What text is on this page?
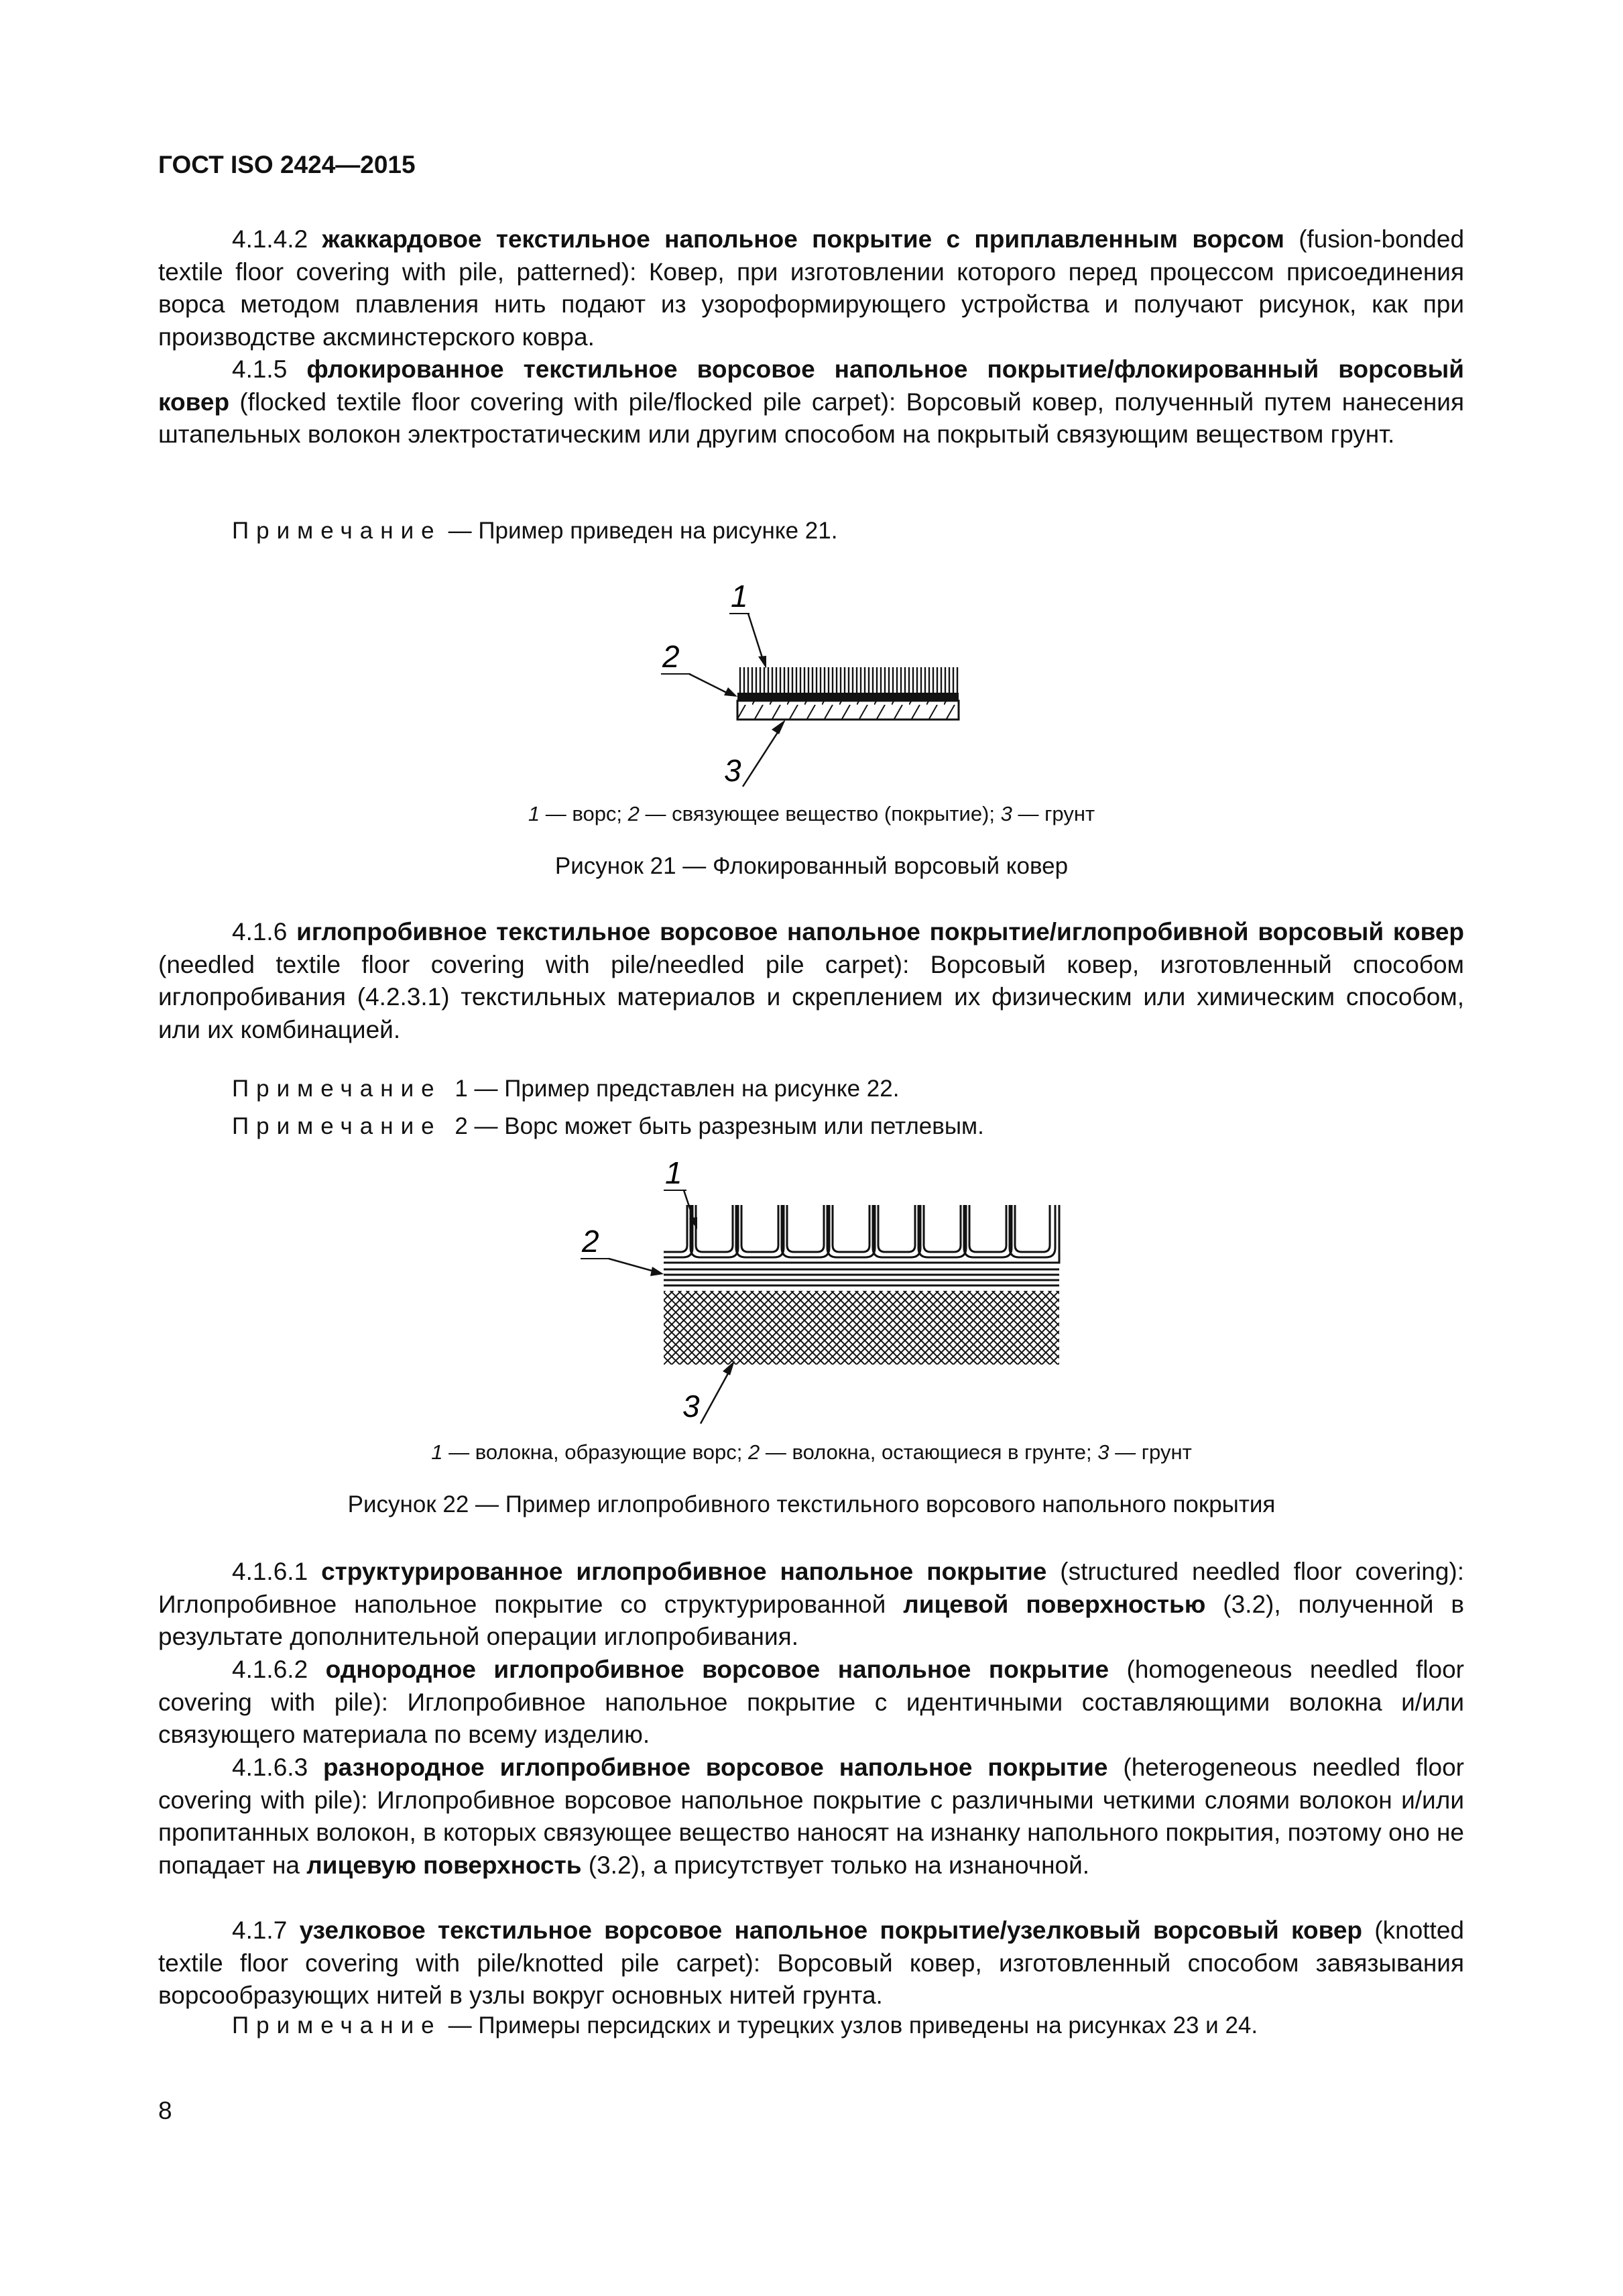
ГОСТ ISO 2424—2015

4.1.4.2 жаккардовое текстильное напольное покрытие с приплавленным ворсом (fusion-bonded textile floor covering with pile, patterned): Ковер, при изготовлении которого перед процессом присоединения ворса методом плавления нить подают из узороформирующего устройства и получают рисунок, как при производстве аксминстерского ковра.

4.1.5 флокированное текстильное ворсовое напольное покрытие/флокированный ворсовый ковер (flocked textile floor covering with pile/flocked pile carpet): Ворсовый ковер, полученный путем нанесения штапельных волокон электростатическим или другим способом на покрытый связующим веществом грунт.

Примечание — Пример приведен на рисунке 21.
1
2
3
1 — ворс; 2 — связующее вещество (покрытие); 3 — грунт
Рисунок 21 — Флокированный ворсовый ковер

4.1.6 иглопробивное текстильное ворсовое напольное покрытие/иглопробивной ворсовый ковер (needled textile floor covering with pile/needled pile carpet): Ворсовый ковер, изготовленный способом иглопробивания (4.2.3.1) текстильных материалов и скреплением их физическим или химическим способом, или их комбинацией.

Примечание 1 — Пример представлен на рисунке 22.
Примечание 2 — Ворс может быть разрезным или петлевым.
1
2
3
1 — волокна, образующие ворс; 2 — волокна, остающиеся в грунте; 3 — грунт
Рисунок 22 — Пример иглопробивного текстильного ворсового напольного покрытия

4.1.6.1 структурированное иглопробивное напольное покрытие (structured needled floor covering): Иглопробивное напольное покрытие со структурированной лицевой поверхностью (3.2), полученной в результате дополнительной операции иглопробивания.

4.1.6.2 однородное иглопробивное ворсовое напольное покрытие (homogeneous needled floor covering with pile): Иглопробивное напольное покрытие с идентичными составляющими волокна и/или связующего материала по всему изделию.

4.1.6.3 разнородное иглопробивное ворсовое напольное покрытие (heterogeneous needled floor covering with pile): Иглопробивное ворсовое напольное покрытие с различными четкими слоями волокон и/или пропитанных волокон, в которых связующее вещество наносят на изнанку напольного покрытия, поэтому оно не попадает на лицевую поверхность (3.2), а присутствует только на изнаночной.

4.1.7 узелковое текстильное ворсовое напольное покрытие/узелковый ворсовый ковер (knotted textile floor covering with pile/knotted pile carpet): Ворсовый ковер, изготовленный способом завязывания ворсообразующих нитей в узлы вокруг основных нитей грунта.

Примечание — Примеры персидских и турецких узлов приведены на рисунках 23 и 24.
8
